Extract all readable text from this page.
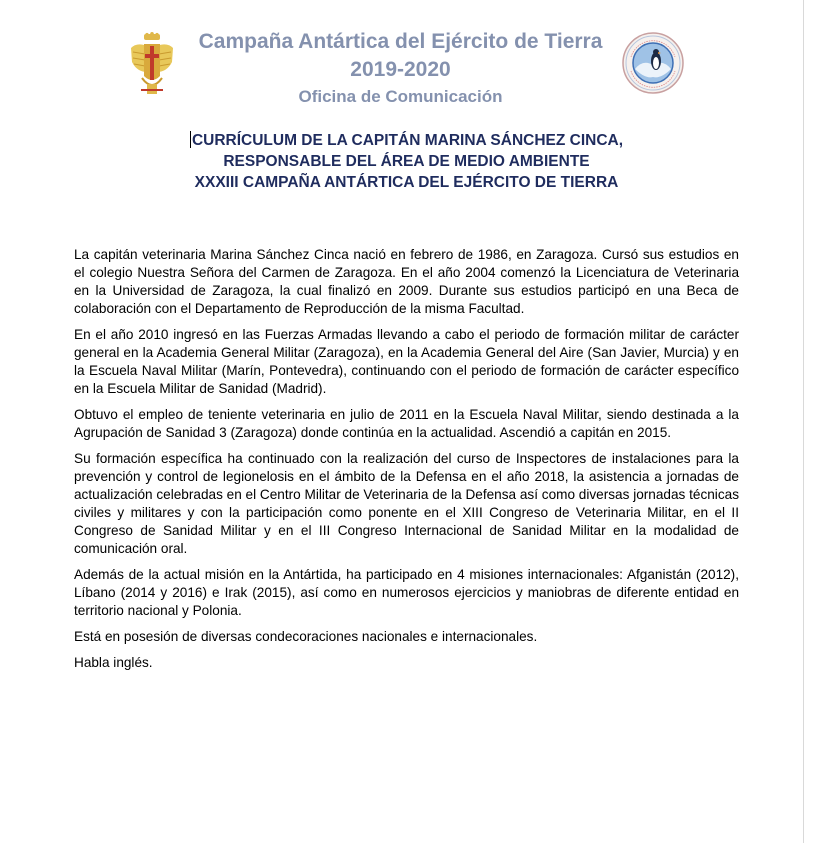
Campaña Antártica del Ejército de Tierra
2019-2020
Oficina de Comunicación
CURRÍCULUM DE LA CAPITÁN MARINA SÁNCHEZ CINCA,
RESPONSABLE DEL ÁREA DE MEDIO AMBIENTE
XXXIII CAMPAÑA ANTÁRTICA DEL EJÉRCITO DE TIERRA

La capitán veterinaria Marina Sánchez Cinca nació en febrero de 1986, en Zaragoza. Cursó sus estudios en el colegio Nuestra Señora del Carmen de Zaragoza. En el año 2004 comenzó la Licenciatura de Veterinaria en la Universidad de Zaragoza, la cual finalizó en 2009. Durante sus estudios participó en una Beca de colaboración con el Departamento de Reproducción de la misma Facultad.

En el año 2010 ingresó en las Fuerzas Armadas llevando a cabo el periodo de formación militar de carácter general en la Academia General Militar (Zaragoza), en la Academia General del Aire (San Javier, Murcia) y en la Escuela Naval Militar (Marín, Pontevedra), continuando con el periodo de formación de carácter específico en la Escuela Militar de Sanidad (Madrid).

Obtuvo el empleo de teniente veterinaria en julio de 2011 en la Escuela Naval Militar, siendo destinada a la Agrupación de Sanidad 3 (Zaragoza) donde continúa en la actualidad. Ascendió a capitán en 2015.

Su formación específica ha continuado con la realización del curso de Inspectores de instalaciones para la prevención y control de legionelosis en el ámbito de la Defensa en el año 2018, la asistencia a jornadas de actualización celebradas en el Centro Militar de Veterinaria de la Defensa así como diversas jornadas técnicas civiles y militares y con la participación como ponente en el XIII Congreso de Veterinaria Militar, en el II Congreso de Sanidad Militar y en el III Congreso Internacional de Sanidad Militar en la modalidad de comunicación oral.

Además de la actual misión en la Antártida, ha participado en 4 misiones internacionales: Afganistán (2012), Líbano (2014 y 2016) e Irak (2015), así como en numerosos ejercicios y maniobras de diferente entidad en territorio nacional y Polonia.

Está en posesión de diversas condecoraciones nacionales e internacionales.

Habla inglés.
